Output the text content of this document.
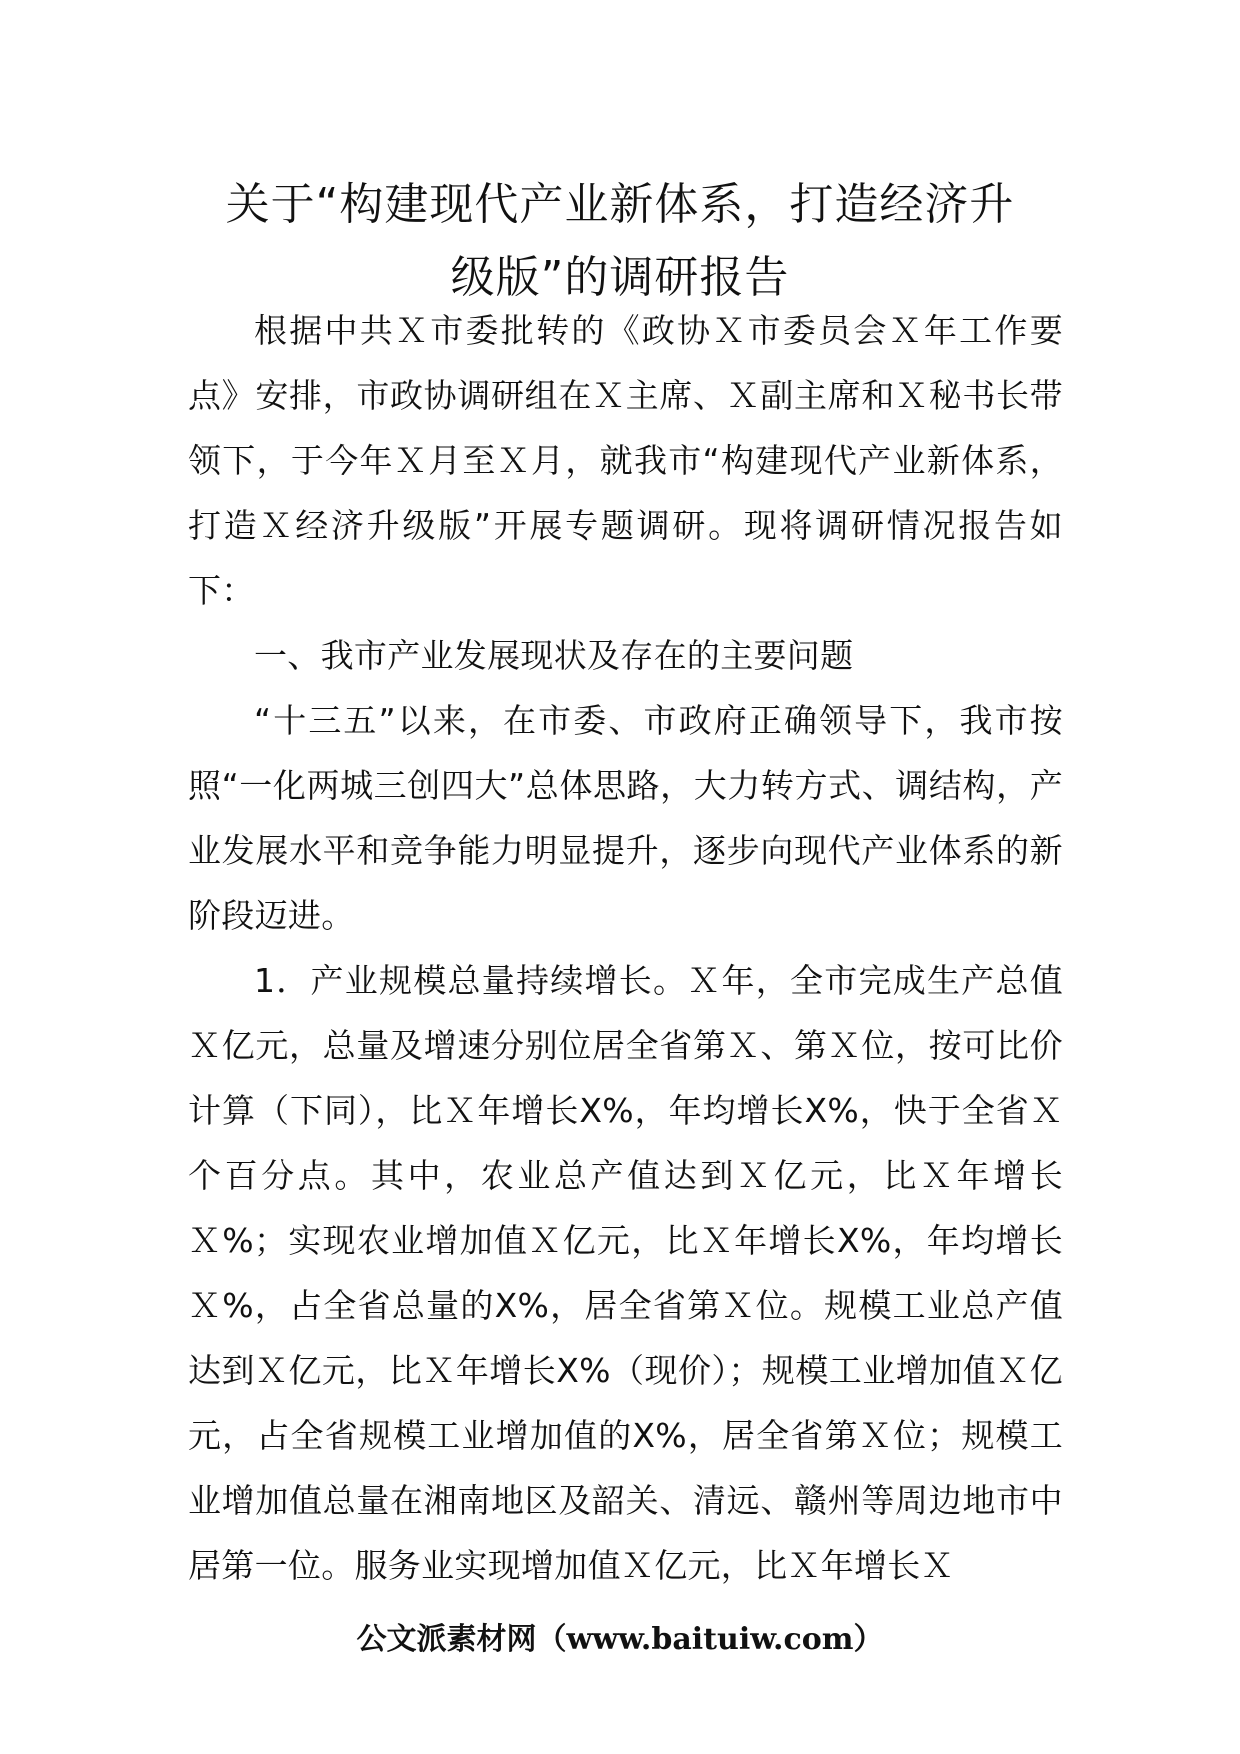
关于“构建现代产业新体系，打造经济升
级版”的调研报告

根据中共Ｘ市委批转的《政协Ｘ市委员会Ｘ年工作要点》安排，市政协调研组在Ｘ主席、Ｘ副主席和Ｘ秘书长带领下，于今年Ｘ月至Ｘ月，就我市“构建现代产业新体系，打造Ｘ经济升级版”开展专题调研。现将调研情况报告如下：

一、我市产业发展现状及存在的主要问题

“十三五”以来，在市委、市政府正确领导下，我市按照“一化两城三创四大”总体思路，大力转方式、调结构，产业发展水平和竞争能力明显提升，逐步向现代产业体系的新阶段迈进。

1．产业规模总量持续增长。Ｘ年，全市完成生产总值Ｘ亿元，总量及增速分别位居全省第Ｘ、第Ｘ位，按可比价计算（下同），比Ｘ年增长X%，年均增长X%，快于全省Ｘ个百分点。其中，农业总产值达到Ｘ亿元，比Ｘ年增长Ｘ%；实现农业增加值Ｘ亿元，比Ｘ年增长X%，年均增长Ｘ%，占全省总量的X%，居全省第Ｘ位。规模工业总产值达到Ｘ亿元，比Ｘ年增长X%（现价）；规模工业增加值Ｘ亿元，占全省规模工业增加值的X%，居全省第Ｘ位；规模工业增加值总量在湘南地区及韶关、清远、赣州等周边地市中居第一位。服务业实现增加值Ｘ亿元，比Ｘ年增长Ｘ

公文派素材网（www.baituiw.com）
